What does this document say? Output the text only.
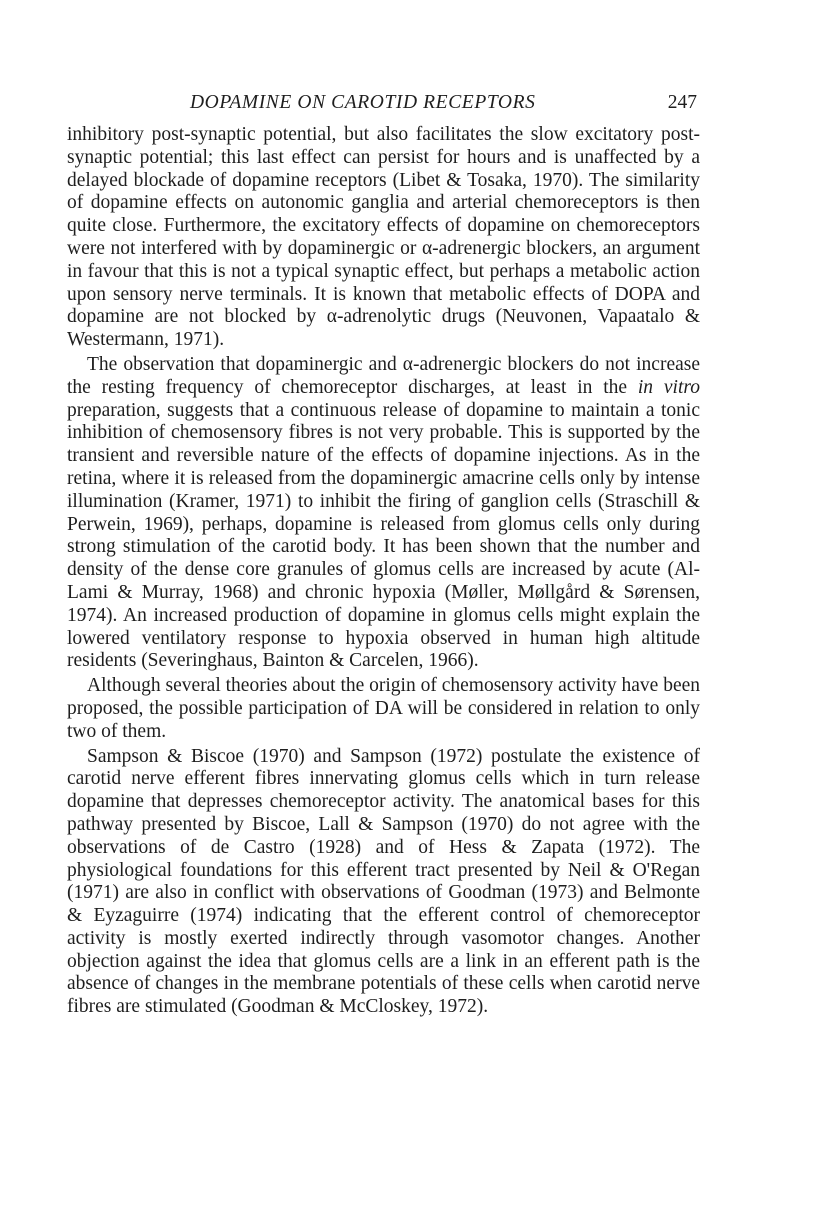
DOPAMINE ON CAROTID RECEPTORS	247

inhibitory post-synaptic potential, but also facilitates the slow excitatory post-synaptic potential; this last effect can persist for hours and is unaffected by a delayed blockade of dopamine receptors (Libet & Tosaka, 1970). The similarity of dopamine effects on autonomic ganglia and arterial chemoreceptors is then quite close. Furthermore, the excitatory effects of dopamine on chemoreceptors were not interfered with by dopaminergic or α-adrenergic blockers, an argument in favour that this is not a typical synaptic effect, but perhaps a metabolic action upon sensory nerve terminals. It is known that metabolic effects of DOPA and dopamine are not blocked by α-adrenolytic drugs (Neuvonen, Vapaatalo & Westermann, 1971).

The observation that dopaminergic and α-adrenergic blockers do not increase the resting frequency of chemoreceptor discharges, at least in the in vitro preparation, suggests that a continuous release of dopamine to maintain a tonic inhibition of chemosensory fibres is not very probable. This is supported by the transient and reversible nature of the effects of dopamine injections. As in the retina, where it is released from the dopaminergic amacrine cells only by intense illumination (Kramer, 1971) to inhibit the firing of ganglion cells (Straschill & Perwein, 1969), perhaps, dopamine is released from glomus cells only during strong stimulation of the carotid body. It has been shown that the number and density of the dense core granules of glomus cells are increased by acute (Al-Lami & Murray, 1968) and chronic hypoxia (Møller, Møllgård & Sørensen, 1974). An increased production of dopamine in glomus cells might explain the lowered ventilatory response to hypoxia observed in human high altitude residents (Severinghaus, Bainton & Carcelen, 1966).

Although several theories about the origin of chemosensory activity have been proposed, the possible participation of DA will be considered in relation to only two of them.

Sampson & Biscoe (1970) and Sampson (1972) postulate the existence of carotid nerve efferent fibres innervating glomus cells which in turn release dopamine that depresses chemoreceptor activity. The anatomical bases for this pathway presented by Biscoe, Lall & Sampson (1970) do not agree with the observations of de Castro (1928) and of Hess & Zapata (1972). The physiological foundations for this efferent tract presented by Neil & O'Regan (1971) are also in conflict with observations of Goodman (1973) and Belmonte & Eyzaguirre (1974) indicating that the efferent control of chemoreceptor activity is mostly exerted indirectly through vasomotor changes. Another objection against the idea that glomus cells are a link in an efferent path is the absence of changes in the membrane potentials of these cells when carotid nerve fibres are stimulated (Goodman & McCloskey, 1972).
